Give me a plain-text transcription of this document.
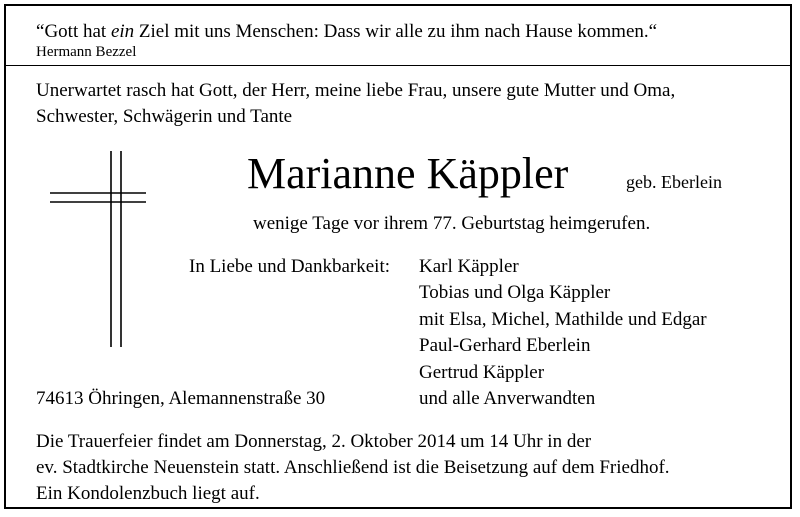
“Gott hat ein Ziel mit uns Menschen: Dass wir alle zu ihm nach Hause kommen.“
Hermann Bezzel
Unerwartet rasch hat Gott, der Herr, meine liebe Frau, unsere gute Mutter und Oma,
Schwester, Schwägerin und Tante
Marianne Käppler	geb. Eberlein
wenige Tage vor ihrem 77. Geburtstag heimgerufen.
In Liebe und Dankbarkeit: Karl Käppler
Tobias und Olga Käppler
mit Elsa, Michel, Mathilde und Edgar
Paul-Gerhard Eberlein
Gertrud Käppler
und alle Anverwandten
74613 Öhringen, Alemannenstraße 30
Die Trauerfeier findet am Donnerstag, 2. Oktober 2014 um 14 Uhr in der
ev. Stadtkirche Neuenstein statt. Anschließend ist die Beisetzung auf dem Friedhof.
Ein Kondolenzbuch liegt auf.
